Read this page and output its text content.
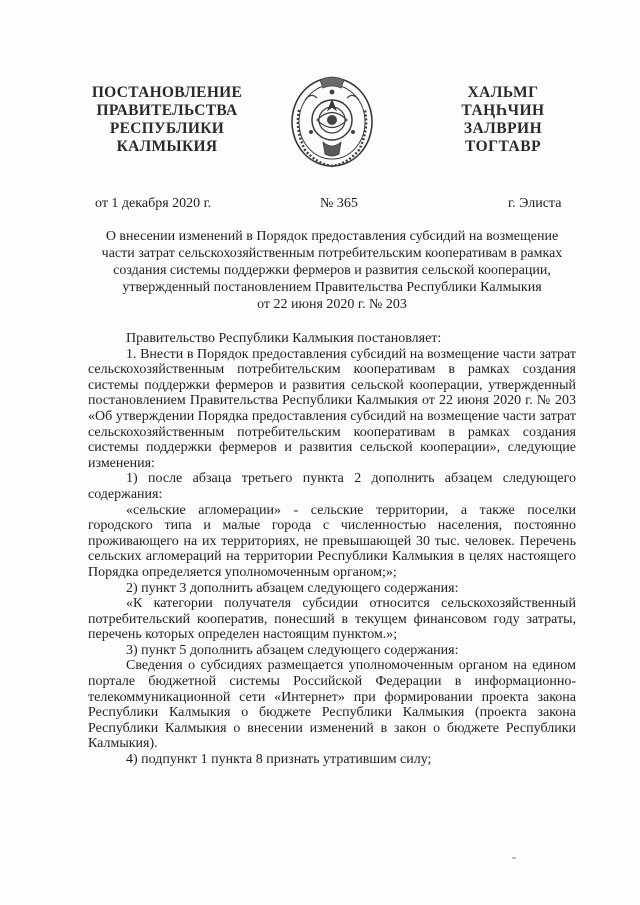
ПОСТАНОВЛЕНИЕ
ПРАВИТЕЛЬСТВА
РЕСПУБЛИКИ
КАЛМЫКИЯ
ХАЛЬМГ
ТАҢҺЧИН
ЗАЛВРИН
ТОГТАВР
от 1 декабря 2020 г.	№ 365	г. Элиста
О внесении изменений в Порядок предоставления субсидий на возмещение
части затрат сельскохозяйственным потребительским кооперативам в рамках
создания системы поддержки фермеров и развития сельской кооперации,
утвержденный постановлением Правительства Республики Калмыкия
от 22 июня 2020 г. № 203

Правительство Республики Калмыкия постановляет:

1. Внести в Порядок предоставления субсидий на возмещение части затрат сельскохозяйственным потребительским кооперативам в рамках создания системы поддержки фермеров и развития сельской кооперации, утвержденный постановлением Правительства Республики Калмыкия от 22 июня 2020 г. № 203 «Об утверждении Порядка предоставления субсидий на возмещение части затрат сельскохозяйственным потребительским кооперативам в рамках создания системы поддержки фермеров и развития сельской кооперации», следующие изменения:

1) после абзаца третьего пункта 2 дополнить абзацем следующего содержания:

«сельские агломерации» - сельские территории, а также поселки городского типа и малые города с численностью населения, постоянно проживающего на их территориях, не превышающей 30 тыс. человек. Перечень сельских агломераций на территории Республики Калмыкия в целях настоящего Порядка определяется уполномоченным органом;»;

2) пункт 3 дополнить абзацем следующего содержания:

«К категории получателя субсидии относится сельскохозяйственный потребительский кооператив, понесший в текущем финансовом году затраты, перечень которых определен настоящим пунктом.»;

3) пункт 5 дополнить абзацем следующего содержания:

Сведения о субсидиях размещается уполномоченным органом на едином портале бюджетной системы Российской Федерации в информационно-телекоммуникационной сети «Интернет» при формировании проекта закона Республики Калмыкия о бюджете Республики Калмыкия (проекта закона Республики Калмыкия о внесении изменений в закон о бюджете Республики Калмыкия).

4) подпункт 1 пункта 8 признать утратившим силу;
